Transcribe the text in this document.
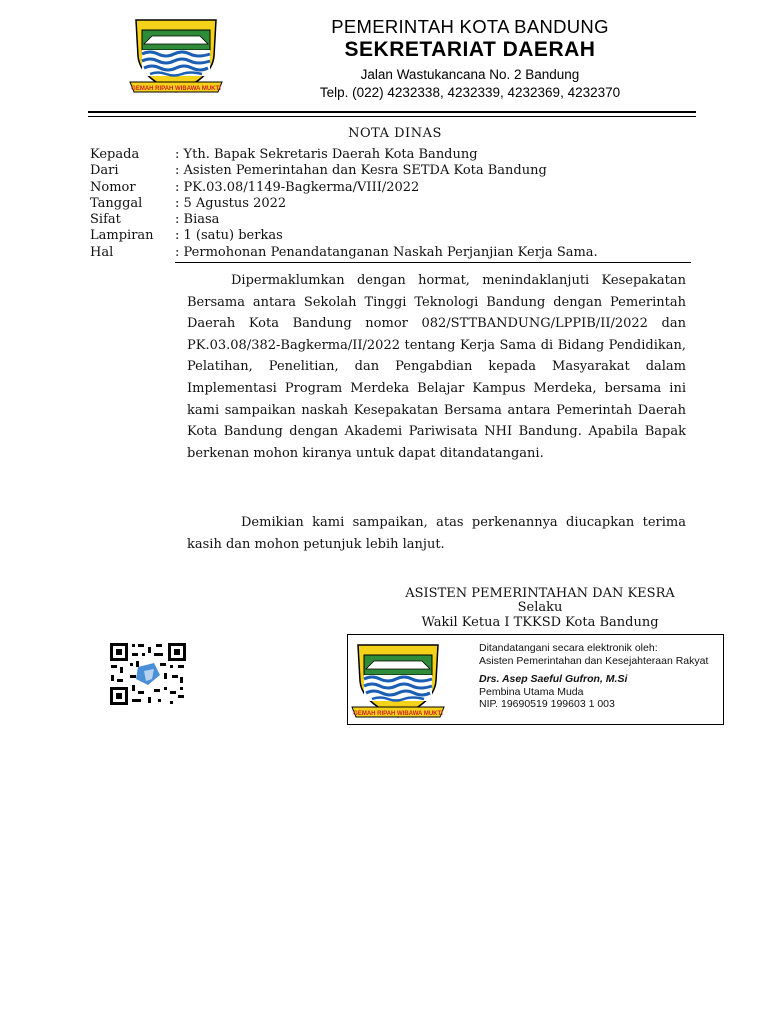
GEMAH RIPAH WIBAWA MUKTI
PEMERINTAH KOTA BANDUNG
SEKRETARIAT DAERAH
Jalan Wastukancana No. 2 Bandung
Telp. (022) 4232338, 4232339, 4232369, 4232370
NOTA DINAS
Kepada	: Yth. Bapak Sekretaris Daerah Kota Bandung
Dari	: Asisten Pemerintahan dan Kesra SETDA Kota Bandung
Nomor	: PK.03.08/1149-Bagkerma/VIII/2022
Tanggal	: 5 Agustus 2022
Sifat	: Biasa
Lampiran : 1 (satu) berkas
Hal	: Permohonan Penandatanganan Naskah Perjanjian Kerja Sama.

Dipermaklumkan dengan hormat, menindaklanjuti Kesepakatan Bersama antara Sekolah Tinggi Teknologi Bandung dengan Pemerintah Daerah Kota Bandung nomor 082/STTBANDUNG/LPPIB/II/2022 dan PK.03.08/382-Bagkerma/II/2022 tentang Kerja Sama di Bidang Pendidikan, Pelatihan, Penelitian, dan Pengabdian kepada Masyarakat dalam Implementasi Program Merdeka Belajar Kampus Merdeka, bersama ini kami sampaikan naskah Kesepakatan Bersama antara Pemerintah Daerah Kota Bandung dengan Akademi Pariwisata NHI Bandung. Apabila Bapak berkenan mohon kiranya untuk dapat ditandatangani.

Demikian kami sampaikan, atas perkenannya diucapkan terima kasih dan mohon petunjuk lebih lanjut.

ASISTEN PEMERINTAHAN DAN KESRA
Selaku
Wakil Ketua I TKKSD Kota Bandung
GEMAH RIPAH WIBAWA MUKTI
Ditandatangani secara elektronik oleh:
Asisten Pemerintahan dan Kesejahteraan Rakyat
Drs. Asep Saeful Gufron, M.Si
Pembina Utama Muda
NIP. 19690519 199603 1 003
